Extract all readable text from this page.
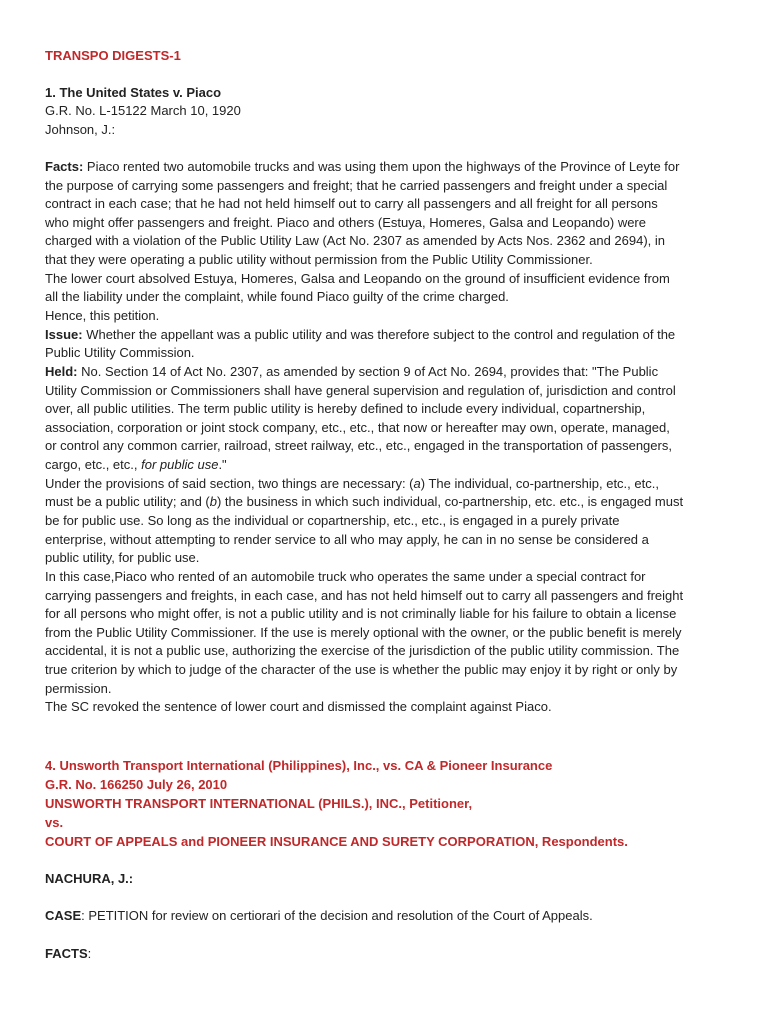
TRANSPO DIGESTS-1
1. The United States v. Piaco
G.R. No. L-15122 March 10, 1920
Johnson, J.:
Facts: Piaco rented two automobile trucks and was using them upon the highways of the Province of Leyte for
the purpose of carrying some passengers and freight; that he carried passengers and freight under a special
contract in each case; that he had not held himself out to carry all passengers and all freight for all persons
who might offer passengers and freight. Piaco and others (Estuya, Homeres, Galsa and Leopando) were
charged with a violation of the Public Utility Law (Act No. 2307 as amended by Acts Nos. 2362 and 2694), in
that they were operating a public utility without permission from the Public Utility Commissioner.
The lower court absolved Estuya, Homeres, Galsa and Leopando on the ground of insufficient evidence from
all the liability under the complaint, while found Piaco guilty of the crime charged.
Hence, this petition.
Issue: Whether the appellant was a public utility and was therefore subject to the control and regulation of the
Public Utility Commission.
Held: No. Section 14 of Act No. 2307, as amended by section 9 of Act No. 2694, provides that: "The Public
Utility Commission or Commissioners shall have general supervision and regulation of, jurisdiction and control
over, all public utilities. The term public utility is hereby defined to include every individual, copartnership,
association, corporation or joint stock company, etc., etc., that now or hereafter may own, operate, managed,
or control any common carrier, railroad, street railway, etc., etc., engaged in the transportation of passengers,
cargo, etc., etc., for public use."
Under the provisions of said section, two things are necessary: (a) The individual, co-partnership, etc., etc.,
must be a public utility; and (b) the business in which such individual, co-partnership, etc. etc., is engaged must
be for public use. So long as the individual or copartnership, etc., etc., is engaged in a purely private
enterprise, without attempting to render service to all who may apply, he can in no sense be considered a
public utility, for public use.
In this case,Piaco who rented of an automobile truck who operates the same under a special contract for
carrying passengers and freights, in each case, and has not held himself out to carry all passengers and freight
for all persons who might offer, is not a public utility and is not criminally liable for his failure to obtain a license
from the Public Utility Commissioner. If the use is merely optional with the owner, or the public benefit is merely
accidental, it is not a public use, authorizing the exercise of the jurisdiction of the public utility commission. The
true criterion by which to judge of the character of the use is whether the public may enjoy it by right or only by
permission.
The SC revoked the sentence of lower court and dismissed the complaint against Piaco.
4. Unsworth Transport International (Philippines), Inc., vs. CA & Pioneer Insurance
G.R. No. 166250 July 26, 2010
UNSWORTH TRANSPORT INTERNATIONAL (PHILS.), INC., Petitioner,
vs.
COURT OF APPEALS and PIONEER INSURANCE AND SURETY CORPORATION, Respondents.
NACHURA, J.:
CASE: PETITION for review on certiorari of the decision and resolution of the Court of Appeals.
FACTS:
